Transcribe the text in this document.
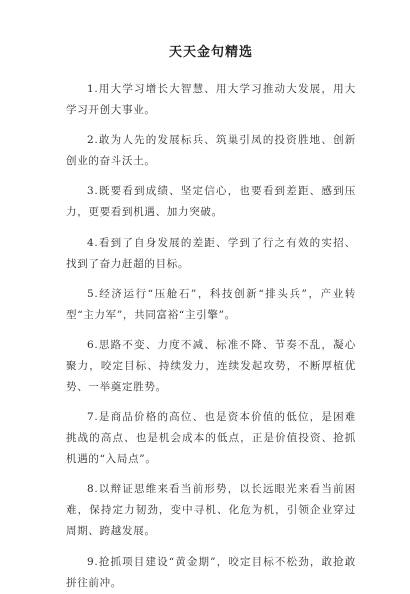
天天金句精选

1.用大学习增长大智慧、用大学习推动大发展，用大学习开创大事业。

2.敢为人先的发展标兵、筑巢引凤的投资胜地、创新创业的奋斗沃土。

3.既要看到成绩、坚定信心，也要看到差距、感到压力，更要看到机遇、加力突破。

4.看到了自身发展的差距、学到了行之有效的实招、找到了奋力赶超的目标。

5.经济运行“压舱石”，科技创新“排头兵”，产业转型“主力军”，共同富裕“主引擎”。

6.思路不变、力度不减、标准不降、节奏不乱，凝心聚力，咬定目标、持续发力，连续发起攻势，不断厚植优势、一举奠定胜势。

7.是商品价格的高位、也是资本价值的低位，是困难挑战的高点、也是机会成本的低点，正是价值投资、抢抓机遇的“入局点”。

8.以辩证思维来看当前形势，以长远眼光来看当前困难，保持定力韧劲，变中寻机、化危为机，引领企业穿过周期、跨越发展。

9.抢抓项目建设“黄金期”，咬定目标不松劲，敢抢敢拼往前冲。
